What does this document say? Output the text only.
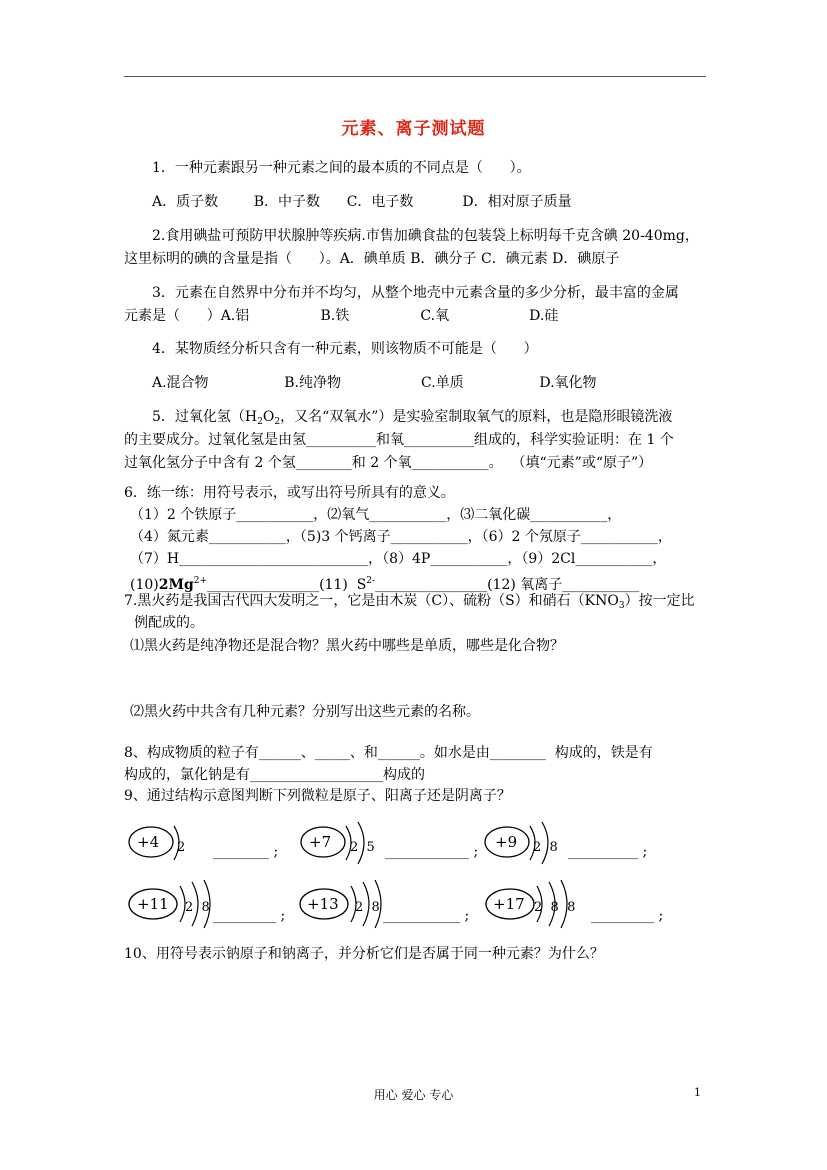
元素、离子测试题
1．一种元素跟另一种元素之间的最本质的不同点是（      ）。
A．质子数        B．中子数      C．电子数           D．相对原子质量
2.食用碘盐可预防甲状腺肿等疾病.市售加碘食盐的包装袋上标明每千克含碘 20-40mg，
这里标明的碘的含量是指（      ）。A．碘单质 B．碘分子 C．碘元素 D．碘原子
3．元素在自然界中分布并不均匀，从整个地壳中元素含量的多少分析，最丰富的金属
元素是（      ）A.铝                B.铁                C.氧                  D.硅
4．某物质经分析只含有一种元素，则该物质不可能是（      ）
A.混合物                 B.纯净物                  C.单质                 D.氧化物
5．过氧化氢（$H_2O_2$，又名“双氧水”）是实验室制取氧气的原料，也是隐形眼镜洗液
的主要成分。过氧化氢是由氢__________和氧__________组成的，科学实验证明：在 1 个
过氧化氢分子中含有 2 个氢________和 2 个氧___________。  （填“元素”或“原子”）
6．练一练：用符号表示，或写出符号所具有的意义。
（1）2 个铁原子___________，⑵氧气___________，⑶二氧化碳___________，
（4）氮元素___________，（5)3 个钙离子___________，（6）2 个氖原子___________，
（7）H___________________________，（8）4P___________，（9）2Cl___________，
$(10)2Mg^{2+}\_\_\_\_\_\_\_\_\_\_\_\_\_\_\_\_(11)$  $S^{2-}\_\_\_\_\_\_\_\_\_\_\_\_\_\_\_\_(12)$ 氧离子___________
7.黑火药是我国古代四大发明之一，它是由木炭（C）、硫粉（S）和硝石$(KNO_3)$按一定比
例配成的。
⑴黑火药是纯净物还是混合物？黑火药中哪些是单质，哪些是化合物？
⑵黑火药中共含有几种元素？分别写出这些元素的名称。
8、构成物质的粒子有______、_____、和______。如水是由________  构成的，铁是有
构成的，氯化钠是有___________________构成的
9、通过结构示意图判断下列微粒是原子、阳离子还是阴离子？
+4 2 ________ ;
+7 2  5 ____________ ;
+9 2  8 __________ ;
+11 2  8
_________ ;
+13 2  8
___________ ;
+17 2  8  8
_________ ;
10、用符号表示钠原子和钠离子，并分析它们是否属于同一种元素？为什么？
用心 爱心 专心	1
